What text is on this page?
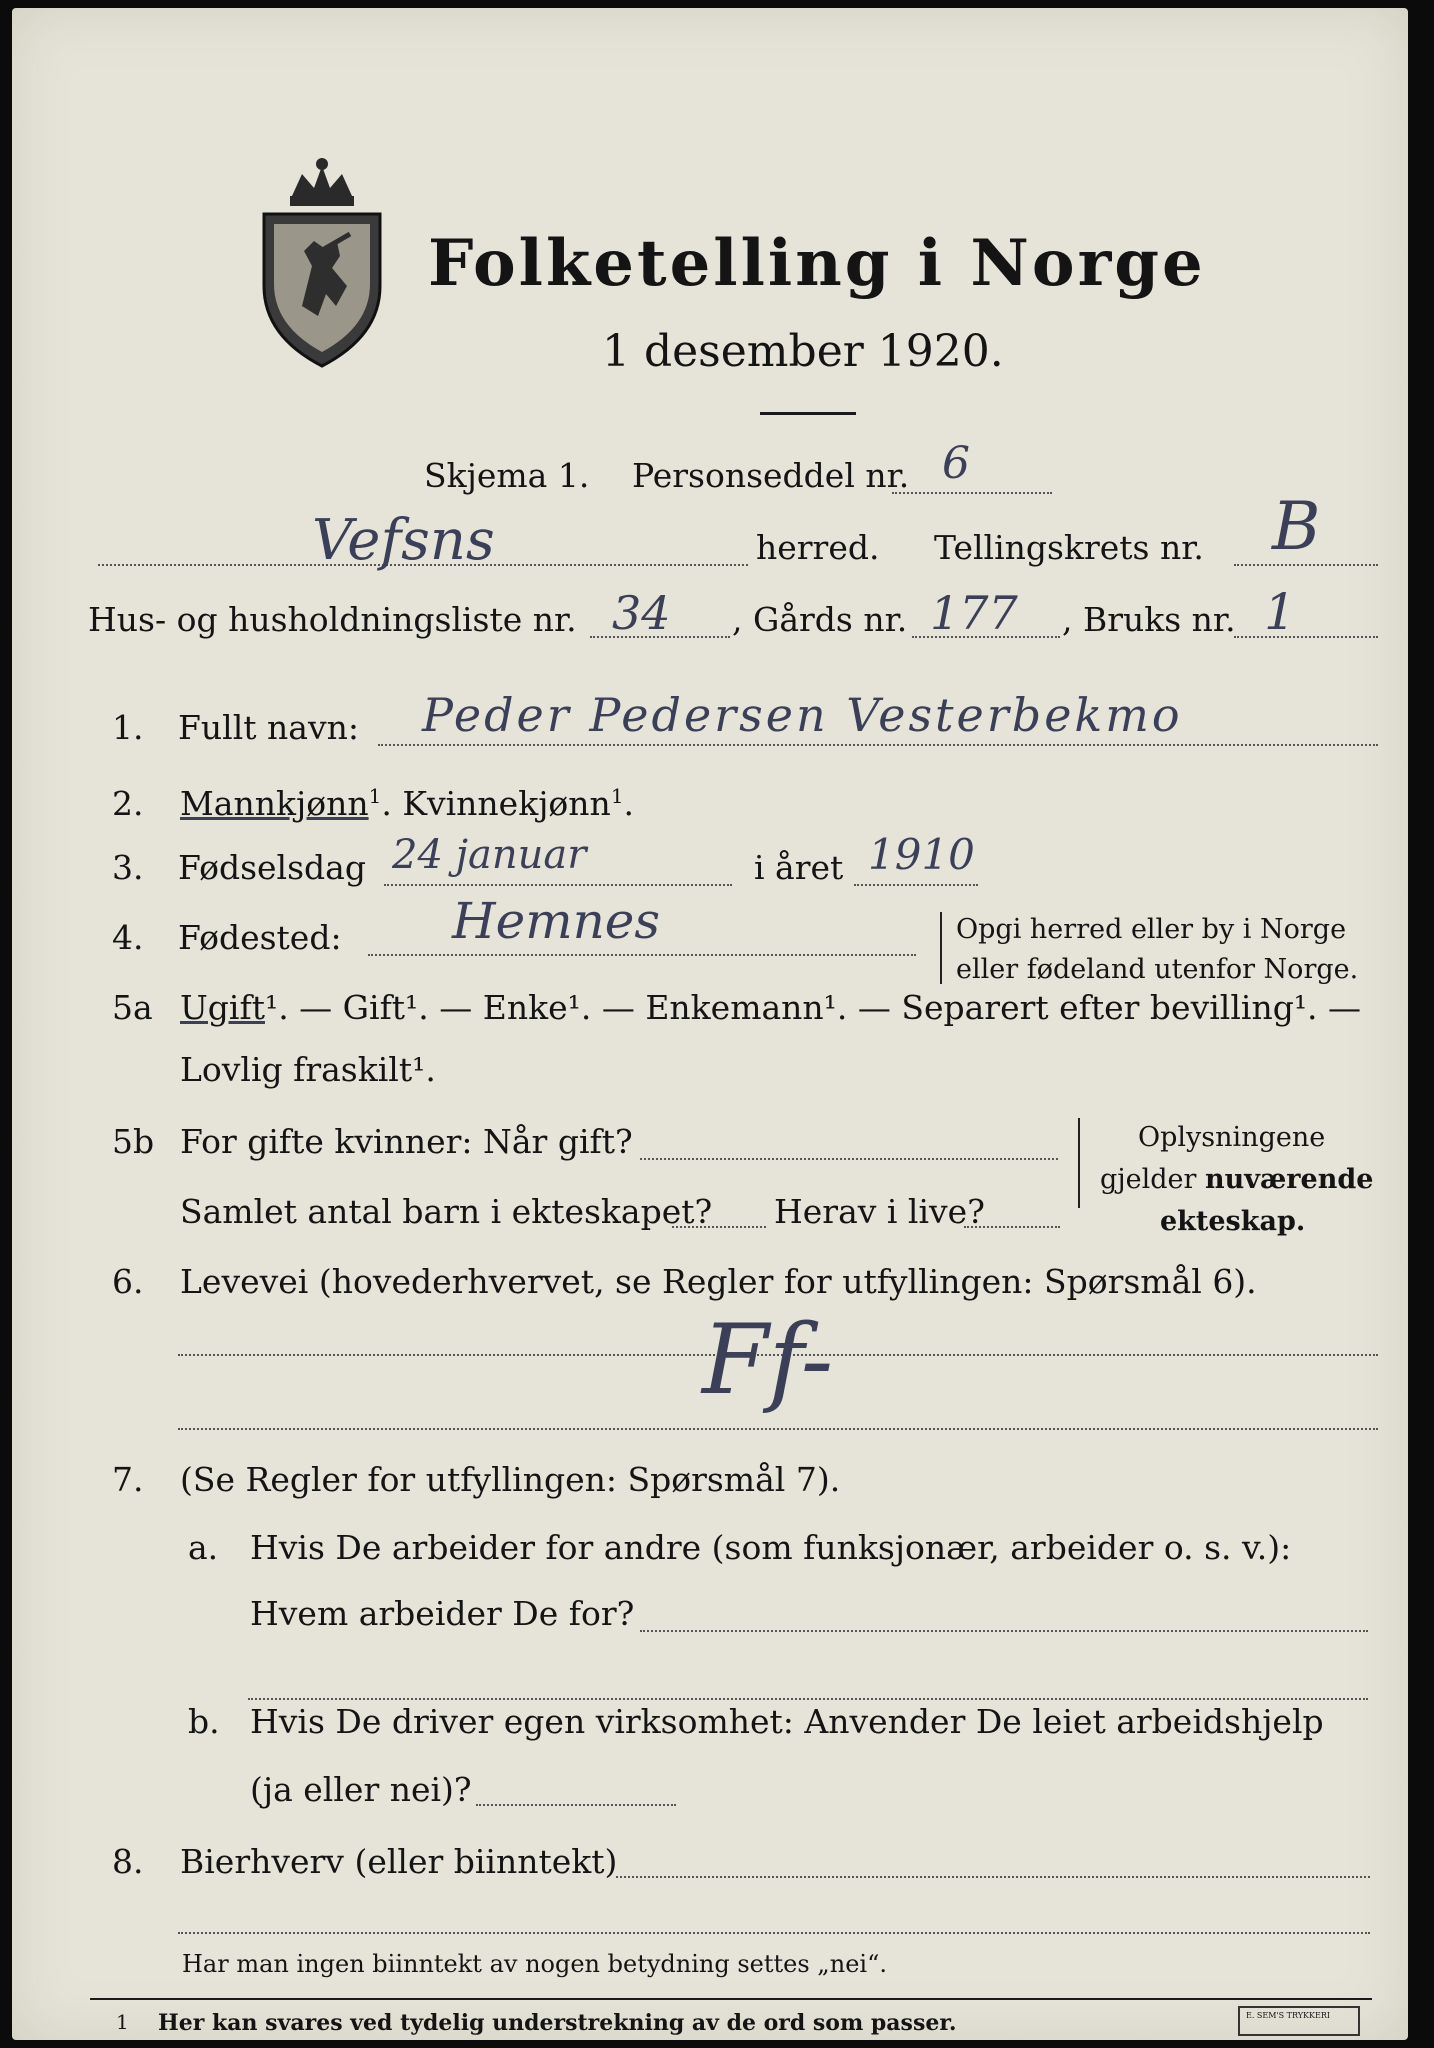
Folketelling i Norge
1 desember 1920.
Skjema 1. Personseddel nr. 6
Vefsns	herred. Tellingskrets nr. B
Hus- og husholdningsliste nr. 34 , Gårds nr. 177 , Bruks nr. 1
1. Fullt navn: Peder Pedersen Vesterbekmo
2. Mannkjønn$^1$. Kvinnekjønn$^1$.
3. Fødselsdag 24 januar	i året 1910
4. Fødested: Hemnes	Opgi herred eller by i Norge
eller fødeland utenfor Norge.
5a Ugift¹. — Gift¹. — Enke¹. — Enkemann¹. — Separert efter bevilling¹. —
Lovlig fraskilt¹.
5b For gifte kvinner: Når gift?
Samlet antal barn i ekteskapet? Herav i live?
Oplysningene
gjelder nuværende
ekteskap.
6. Levevei (hovederhvervet, se Regler for utfyllingen: Spørsmål 6).
Ff-
7. (Se Regler for utfyllingen: Spørsmål 7).
a. Hvis De arbeider for andre (som funksjonær, arbeider o. s. v.):
Hvem arbeider De for?
b. Hvis De driver egen virksomhet: Anvender De leiet arbeidshjelp
(ja eller nei)?
8. Bierhverv (eller biinntekt)
Har man ingen biinntekt av nogen betydning settes „nei“.
1 Her kan svares ved tydelig understrekning av de ord som passer.	E. SEM'S TRYKKERI
